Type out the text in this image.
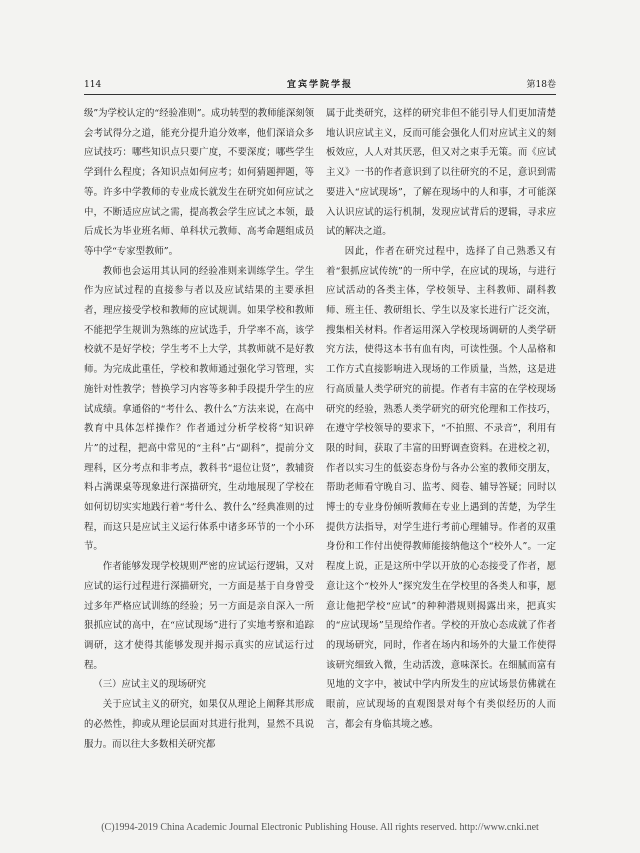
114	宜宾学院学报	第18卷

级”为学校认定的“经验准则”。成功转型的教师能深刻领会考试得分之道，能充分提升追分效率，他们深谙众多应试技巧：哪些知识点只要广度，不要深度；哪些学生学到什么程度；各知识点如何应考；如何猜题押题，等等。许多中学教师的专业成长就发生在研究如何应试之中，不断适应应试之需，提高教会学生应试之本领，最后成长为毕业班名师、单科状元教师、高考命题组成员等中学“专家型教师”。

教师也会运用其认同的经验准则来训练学生。学生作为应试过程的直接参与者以及应试结果的主要承担者，理应接受学校和教师的应试规训。如果学校和教师不能把学生规训为熟练的应试选手，升学率不高，该学校就不是好学校；学生考不上大学，其教师就不是好教师。为完成此重任，学校和教师通过强化学习管理，实施针对性教学；替换学习内容等多种手段提升学生的应试成绩。拿通俗的“考什么、教什么”方法来说，在高中教育中具体怎样操作？作者通过分析学校将“知识碎片”的过程，把高中常见的“主科”占“副科”，提前分文理科，区分考点和非考点，教科书“退位让贤”，教辅资料占满课桌等现象进行深描研究，生动地展现了学校在如何切切实实地践行着“考什么、教什么”经典准则的过程，而这只是应试主义运行体系中诸多环节的一个小环节。

作者能够发现学校规则严密的应试运行逻辑，又对应试的运行过程进行深描研究，一方面是基于自身曾受过多年严格应试训练的经验；另一方面是亲自深入一所狠抓应试的高中，在“应试现场”进行了实地考察和追踪调研，这才使得其能够发现并揭示真实的应试运行过程。

（三）应试主义的现场研究

关于应试主义的研究，如果仅从理论上阐释其形成的必然性，抑或从理论层面对其进行批判，显然不具说服力。而以往大多数相关研究都

属于此类研究，这样的研究非但不能引导人们更加清楚地认识应试主义，反而可能会强化人们对应试主义的刻板效应，人人对其厌恶，但又对之束手无策。而《应试主义》一书的作者意识到了以往研究的不足，意识到需要进入“应试现场”，了解在现场中的人和事，才可能深入认识应试的运行机制，发现应试背后的逻辑，寻求应试的解决之道。

因此，作者在研究过程中，选择了自己熟悉又有着“狠抓应试传统”的一所中学，在应试的现场，与进行应试活动的各类主体，学校领导、主科教师、副科教师、班主任、教研组长、学生以及家长进行广泛交流，搜集相关材料。作者运用深入学校现场调研的人类学研究方法，使得这本书有血有肉，可读性强。个人品格和工作方式直接影响进入现场的工作质量，当然，这是进行高质量人类学研究的前提。作者有丰富的在学校现场研究的经验，熟悉人类学研究的研究伦理和工作技巧，在遵守学校领导的要求下，“不拍照、不录音”，利用有限的时间，获取了丰富的田野调查资料。在进校之初，作者以实习生的低姿态身份与各办公室的教师交朋友，帮助老师看守晚自习、监考、阅卷、辅导答疑；同时以博士的专业身份倾听教师在专业上遇到的苦楚，为学生提供方法指导，对学生进行考前心理辅导。作者的双重身份和工作付出使得教师能接纳他这个“校外人”。一定程度上说，正是这所中学以开放的心态接受了作者，愿意让这个“校外人”探究发生在学校里的各类人和事，愿意让他把学校“应试”的种种潜规则揭露出来，把真实的“应试现场”呈现给作者。学校的开放心态成就了作者的现场研究，同时，作者在场内和场外的大量工作使得该研究细致入微，生动活泼，意味深长。在细腻而富有见地的文字中，被试中学内所发生的应试场景仿佛就在眼前，应试现场的直观图景对每个有类似经历的人而言，都会有身临其境之感。

(C)1994-2019 China Academic Journal Electronic Publishing House. All rights reserved. http://www.cnki.net
